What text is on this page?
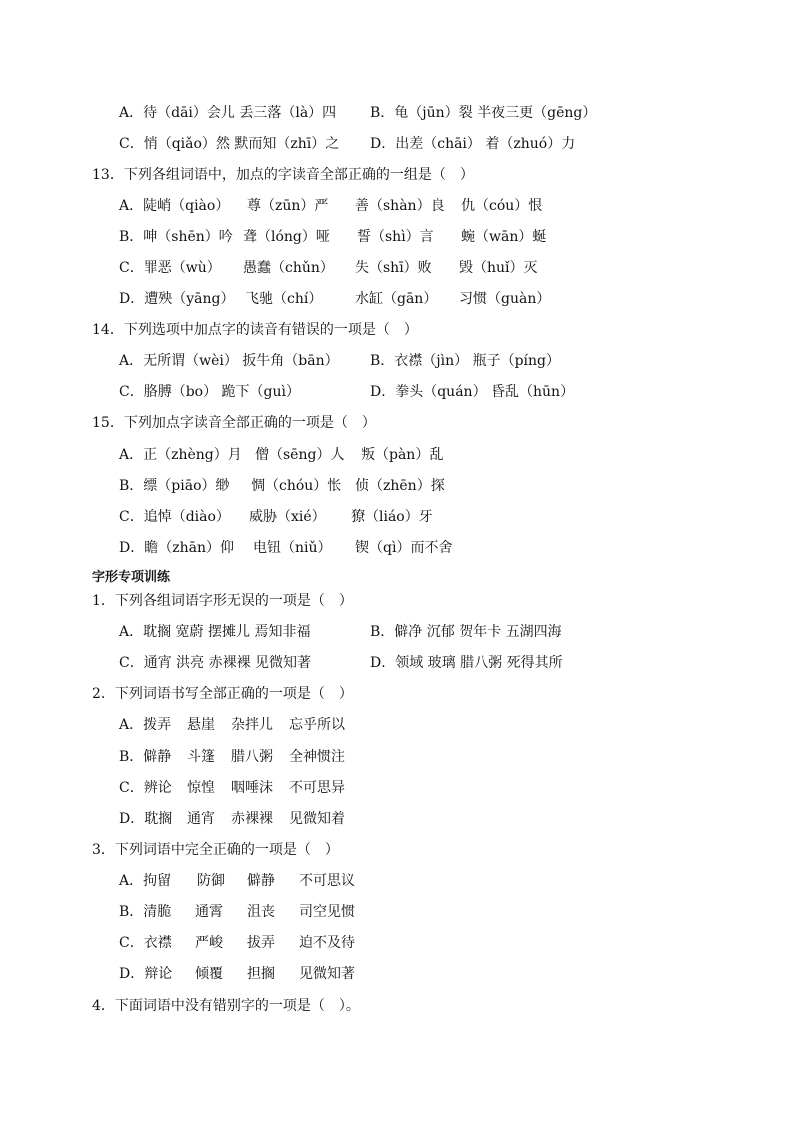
A．待（dāi）会儿 丢三落（là）四 B．龟（jūn）裂 半夜三更（gēng）
C．悄（qiǎo）然 默而知（zhī）之 D．出差（chāi） 着（zhuó）力
13．下列各组词语中，加点的字读音全部正确的一组是（　）
A．陡峭（qiào） 尊（zūn）严 善（shàn）良 仇（cóu）恨
B．呻（shēn）吟 聋（lóng）哑 誓（shì）言 蜿（wān）蜒
C．罪恶（wù） 愚蠢（chǔn） 失（shī）败 毁（huǐ）灭
D．遭殃（yāng） 飞驰（chí） 水缸（gān） 习惯（guàn）
14．下列选项中加点字的读音有错误的一项是（　）
A．无所谓（wèi） 扳牛角（bān） B．衣襟（jìn） 瓶子（píng）
C．胳膊（bo） 跪下（guì）	D．拳头（quán） 昏乱（hūn）
15．下列加点字读音全部正确的一项是（　）
A．正（zhèng）月 僧（sēng）人 叛（pàn）乱
B．缥（piāo）缈 惆（chóu）怅 侦（zhēn）探
C．追悼（diào） 威胁（xié） 獠（liáo）牙
D．瞻（zhān）仰 电钮（niǔ） 锲（qì）而不舍
字形专项训练
1．下列各组词语字形无误的一项是（　）
A．耽搁 宽蔚 摆摊儿 焉知非福	B．僻净 沉郁 贺年卡 五湖四海
C．通宵 洪亮 赤裸裸 见微知著	D．领域 玻璃 腊八粥 死得其所
2．下列词语书写全部正确的一项是（　）
A．拨弄 悬崖 杂拌儿 忘乎所以
B．僻静 斗篷 腊八粥 全神惯注
C．辨论 惊惶 咽唾沫 不可思异
D．耽搁 通宵 赤裸裸 见微知着
3．下列词语中完全正确的一项是（　）
A．拘留 防御 僻静 不可思议
B．清脆 通霄 沮丧 司空见惯
C．衣襟 严峻 拔弄 迫不及待
D．辩论 倾覆 担搁 见微知著
4．下面词语中没有错别字的一项是（　）。
